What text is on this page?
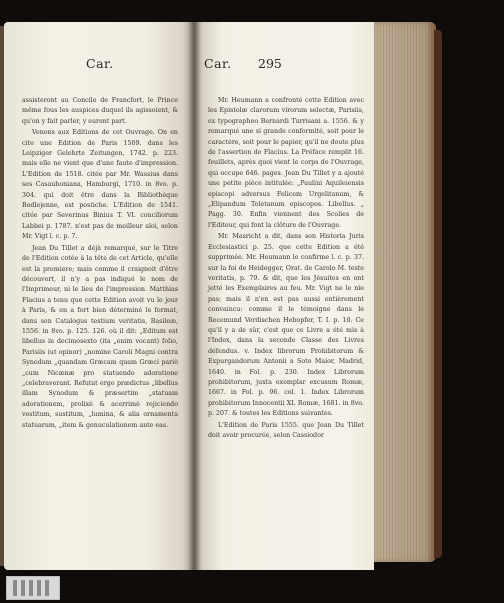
Car.	Car. 295

assisteront au Concile de Francfort, le Prince même fous les auspices duquel ils agissoient, & qu'on y fait parler, y eurent part.

Venons aux Editions de cet Ouvrage. On en cite une Edition de Paris 1509. dans les Leipziger Gelehrte Zeitungen, 1742. p. 223. mais elle ne vient que d'une faute d'impression. L'Edition de 1518. citée par Mr. Wassius dans ses Casauboniana, Hamburgi, 1710. in 8vo. p. 304. qui doit être dans la Bibliothèque Bodlejenne, est postiche. L'Edition de 1541. citée par Severinus Binius T. VI. conciliorum Labbei p. 1787. n'est pas de meilleur aloi, selon Mr. Vigt l. c. p. 7.

Jean Du Tillet a déjà remarqué, sur le Titre de l'Edition cotée à la tête de cet Article, qu'elle est la premiere; mais comme il craignoit d'être découvert, il n'y a pas indiqué le nom de l'Imprimeur, ni le lieu de l'impression. Matthias Flacius a tenu que cette Edition avoit vu le jour à Paris, & en a fort bien déterminé le format, dans son Catalogus testium veritatis, Basileæ, 1556. in 8vo. p. 125. 126. où il dit: „Editum est libellus in decimosexto (ita „enim vocant) folio, Parisiis (ut opinor) „nomine Caroli Magni contra Synodum „quandam Græcam quam Græci pariò „cum Nicænæ pro statuendo adoratione „celebraverant. Refutat ergo prædictus „libellus illam Synodum & præsertim „statuam adorationem, prolixè & acerrimè rejiciendo vestitum, sustitum, „lumina, & alia ornamenta statuarum, „item & genuculationem ante eas.

Mr. Heumann a confronté cette Edition avec les Epistolæ clarorum virorum selectæ, Parisiis, ex typographeo Bernardi Turrisani a. 1556. & y remarqué une si grande conformité, soit pour le caractère, soit pour le papier, qu'il ne doute plus de l'assertion de Flacius. La Préface remplit 16. feuillets, après quoi vient le corps de l'Ouvrage, qui occupe 646. pages. Jean Du Tillet y a ajouté une petite pièce intitulée: „Paulini Aquileiensis episcopi adversus Felicem Urgelitanum, & „Elipandum Toletanum episcopos. Libellus. „ Pagg. 30. Enfin viennent des Scolies de l'Editeur, qui font la clôture de l'Ouvrage.

Mr. Masricht a dit, dans son Historia Juris Ecclesiastici p. 25. que cette Edition a été supprimée. Mr. Heumann le confirme l. c. p. 37. sur la foi de Heidegger, Orat. de Carolo M. teste veritatis, p. 79. & dit, que les Jésuites en ont jetté les Exemplaires au feu. Mr. Vigt ne le nie pas; mais il n'en est pas aussi entièrement convaincu: comme il le témoigne dans le Recemund Verdischen Hebopfer, T. I. p. 10. Ce qu'il y a de sûr, c'est que ce Livre a été mis à l'Index, dans la seconde Classe des Livres défendus. v. Index librorum Prohibitorum & Expurgandorum Antonii a Soto Maior, Madrid, 1640. in Fol. p. 230. Index Librorum prohibitorum, juxta exemplar excusum Romæ, 1667. in Fol. p. 96. col. 1. Index Librorum prohibitorum Innocentii XI. Romæ, 1681. in 8vo. p. 207. & toutes les Editions suivantes.

L'Edition de Paris 1555. que Jean Du Tillet doit avoir procurée, selon Cassiodor
